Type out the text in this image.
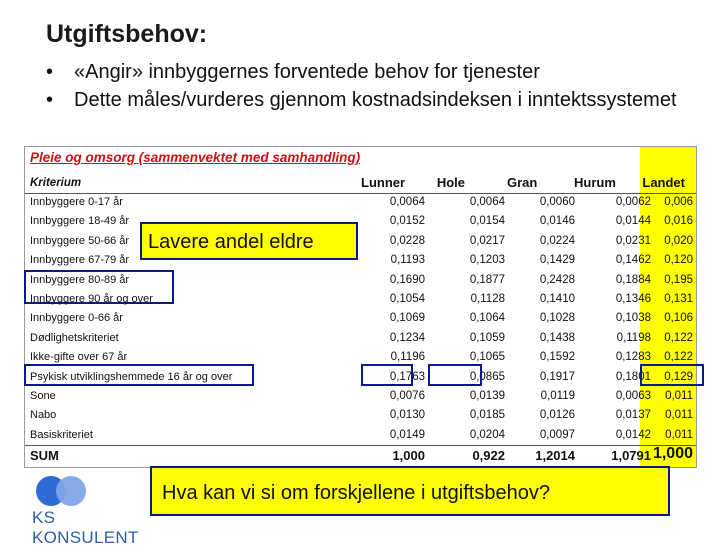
Utgiftsbehov:
• «Angir» innbyggernes forventede behov for tjenester
• Dette måles/vurderes gjennom kostnadsindeksen i inntektssystemet
Pleie og omsorg (sammenvektet med samhandling)
Kriterium	Lunner	Hole	Gran	Hurum Landet
Innbyggere 0-17 år	0,0064	0,0064	0,0060	0,0062	0,006
Innbyggere 18-49 år	0,0152	0,0154	0,0146	0,0144	0,016
Innbyggere 50-66 år	0,0228	0,0217	0,0224	0,0231	0,020
Innbyggere 67-79 år	0,1193	0,1203	0,1429	0,1462	0,120
Innbyggere 80-89 år	0,1690	0,1877	0,2428	0,1884	0,195
Innbyggere 90 år og over	0,1054	0,1128	0,1410	0,1346	0,131
Innbyggere 0-66 år	0,1069	0,1064	0,1028	0,1038	0,106
Dødlighetskriteriet	0,1234	0,1059	0,1438	0,1198	0,122
Ikke-gifte over 67 år	0,1196	0,1065	0,1592	0,1283	0,122
Psykisk utviklingshemmede 16 år og over	0,1763	0,0865	0,1917	0,1801	0,129
Sone	0,0076	0,0139	0,0119	0,0063	0,011
Nabo	0,0130	0,0185	0,0126	0,0137	0,011
Basiskriteriet	0,0149	0,0204	0,0097	0,0142	0,011
SUM	1,000	0,922	1,2014	1,0791 1,000
Lavere andel eldre
Hva kan vi si om forskjellene i utgiftsbehov?
KS KONSULENT
